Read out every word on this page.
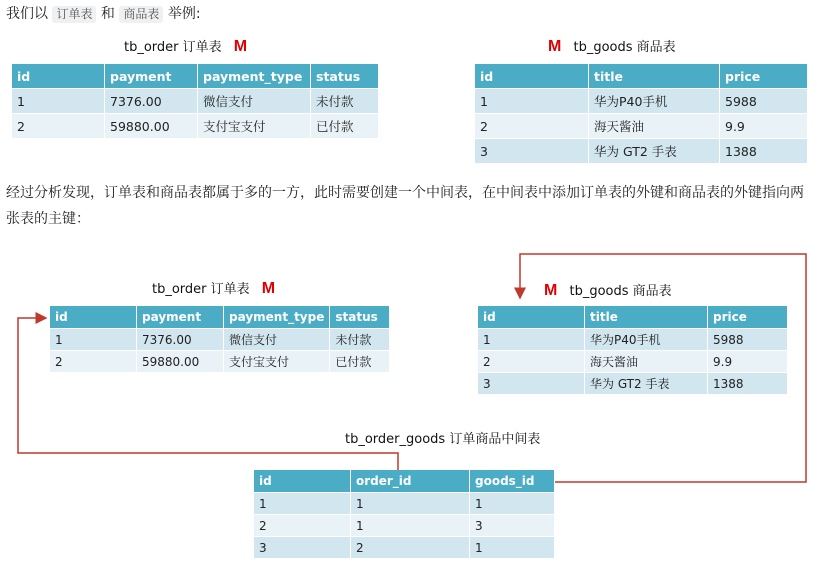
我们以 订单表 和 商品表 举例:
tb_order 订单表 M
id	payment	payment_type	status
1	7376.00	微信支付	未付款
2	59880.00	支付宝支付	已付款
M tb_goods 商品表
id	title	price
1	华为P40手机	5988
2	海天酱油	9.9
3	华为 GT2 手表	1388
经过分析发现，订单表和商品表都属于多的一方，此时需要创建一个中间表，在中间表中添加订单表的外键和商品表的外键指向两张表的主键：
tb_order 订单表 M
id	payment	payment_type	status
1	7376.00	微信支付	未付款
2	59880.00	支付宝支付	已付款
M tb_goods 商品表
id	title	price
1	华为P40手机	5988
2	海天酱油	9.9
3	华为 GT2 手表	1388
tb_order_goods 订单商品中间表
id	order_id	goods_id
1	1	1
2	1	3
3	2	1
